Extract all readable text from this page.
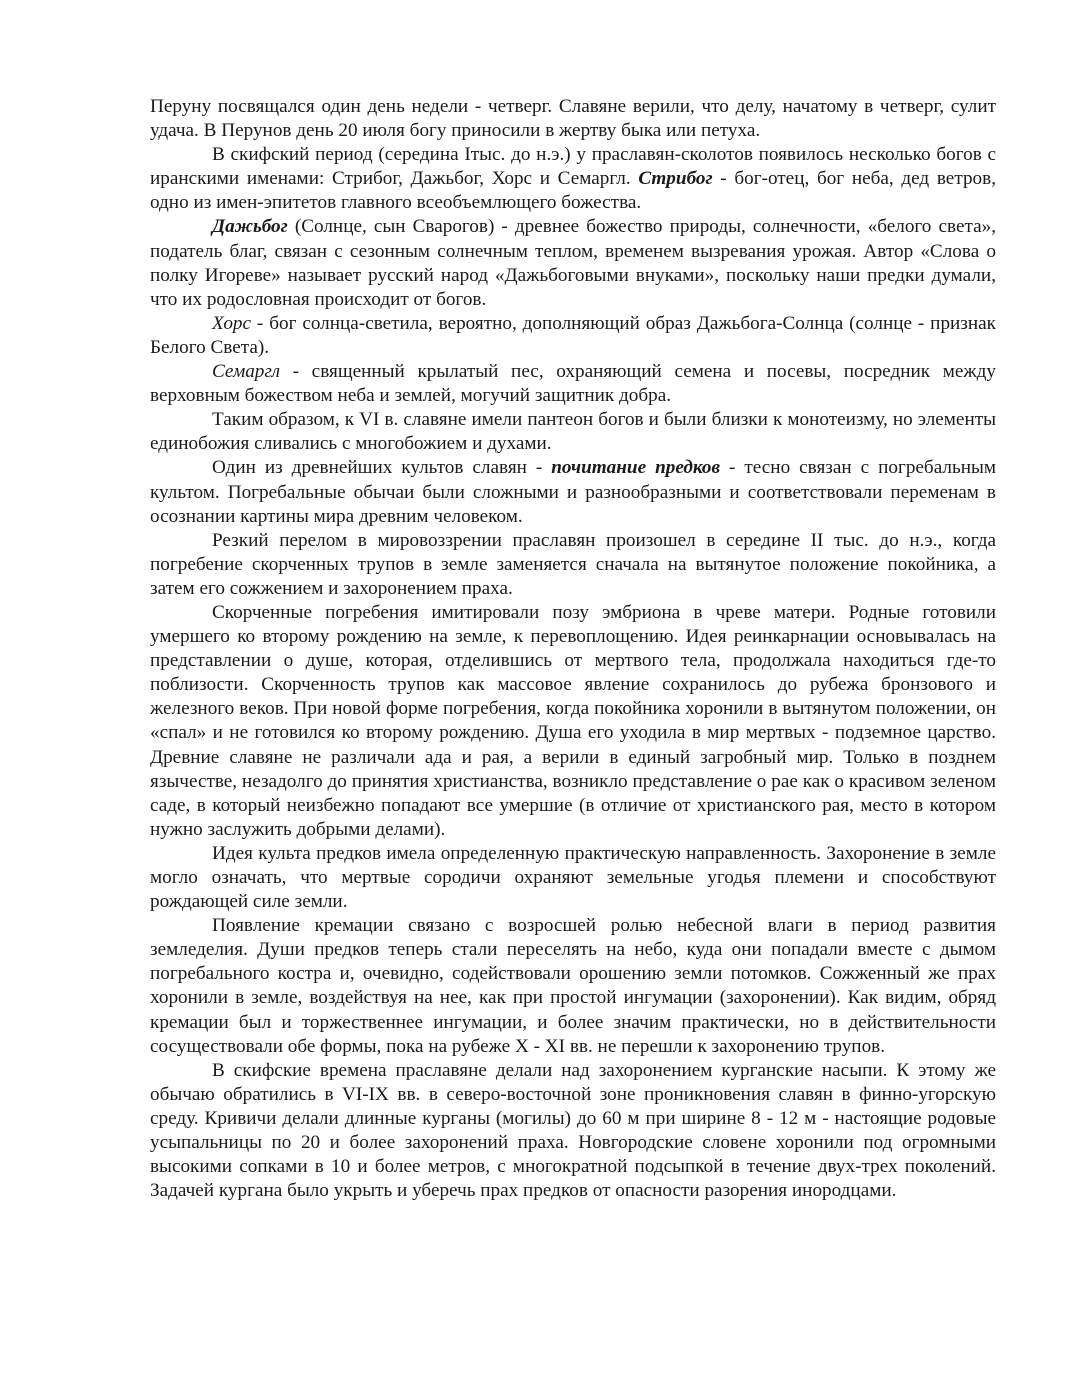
Перуну посвящался один день недели - четверг. Славяне верили, что делу, начатому в четверг, сулит удача. В Перунов день 20 июля богу приносили в жертву быка или петуха.

В скифский период (середина Iтыс. до н.э.) у праславян-сколотов появилось несколько богов с иранскими именами: Стрибог, Дажьбог, Хорс и Семаргл. Стрибог - бог-отец, бог неба, дед ветров, одно из имен-эпитетов главного всеобъемлющего божества.

Дажьбог (Солнце, сын Сварогов) - древнее божество природы, солнечности, «белого света», податель благ, связан с сезонным солнечным теплом, временем вызревания урожая. Автор «Слова о полку Игореве» называет русский народ «Дажьбоговыми внуками», поскольку наши предки думали, что их родословная происходит от богов.

Хорс - бог солнца-светила, вероятно, дополняющий образ Дажьбога-Солнца (солнце - признак Белого Света).

Семаргл - священный крылатый пес, охраняющий семена и посевы, посредник между верховным божеством неба и землей, могучий защитник добра.

Таким образом, к VI в. славяне имели пантеон богов и были близки к монотеизму, но элементы единобожия сливались с многобожием и духами.

Один из древнейших культов славян - почитание предков - тесно связан с погребальным культом. Погребальные обычаи были сложными и разнообразными и соответствовали переменам в осознании картины мира древним человеком.

Резкий перелом в мировоззрении праславян произошел в середине II тыс. до н.э., когда погребение скорченных трупов в земле заменяется сначала на вытянутое положение покойника, а затем его сожжением и захоронением праха.

Скорченные погребения имитировали позу эмбриона в чреве матери. Родные готовили умершего ко второму рождению на земле, к перевоплощению. Идея реинкарнации основывалась на представлении о душе, которая, отделившись от мертвого тела, продолжала находиться где-то поблизости. Скорченность трупов как массовое явление сохранилось до рубежа бронзового и железного веков. При новой форме погребения, когда покойника хоронили в вытянутом положении, он «спал» и не готовился ко второму рождению. Душа его уходила в мир мертвых - подземное царство. Древние славяне не различали ада и рая, а верили в единый загробный мир. Только в позднем язычестве, незадолго до принятия христианства, возникло представление о рае как о красивом зеленом саде, в который неизбежно попадают все умершие (в отличие от христианского рая, место в котором нужно заслужить добрыми делами).

Идея культа предков имела определенную практическую направленность. Захоронение в земле могло означать, что мертвые сородичи охраняют земельные угодья племени и способствуют рождающей силе земли.

Появление кремации связано с возросшей ролью небесной влаги в период развития земледелия. Души предков теперь стали переселять на небо, куда они попадали вместе с дымом погребального костра и, очевидно, содействовали орошению земли потомков. Сожженный же прах хоронили в земле, воздействуя на нее, как при простой ингумации (захоронении). Как видим, обряд кремации был и торжественнее ингумации, и более значим практически, но в действительности сосуществовали обе формы, пока на рубеже X - XI вв. не перешли к захоронению трупов.

В скифские времена праславяне делали над захоронением курганские насыпи. К этому же обычаю обратились в VI-IX вв. в северо-восточной зоне проникновения славян в финно-угорскую среду. Кривичи делали длинные курганы (могилы) до 60 м при ширине 8 - 12 м - настоящие родовые усыпальницы по 20 и более захоронений праха. Новгородские словене хоронили под огромными высокими сопками в 10 и более метров, с многократной подсыпкой в течение двух-трех поколений. Задачей кургана было укрыть и уберечь прах предков от опасности разорения инородцами.
